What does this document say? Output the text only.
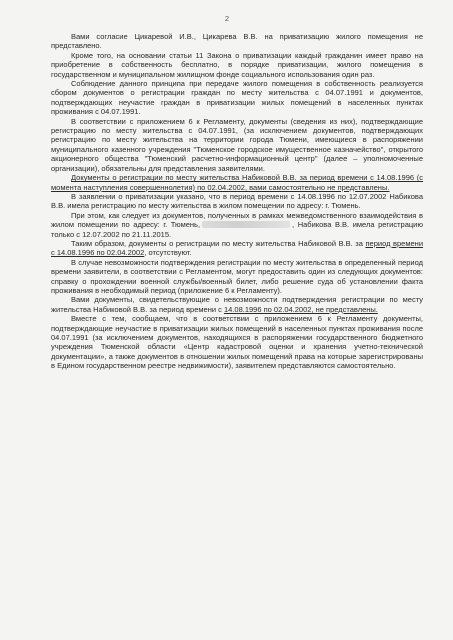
2

Вами согласие Цикаревой И.В., Цикарева В.В. на приватизацию жилого помещения не представлено.

Кроме того, на основании статьи 11 Закона о приватизации каждый гражданин имеет право на приобретение в собственность бесплатно, в порядке приватизации, жилого помещения в государственном и муниципальном жилищном фонде социального использования один раз.

Соблюдение данного принципа при передаче жилого помещения в собственность реализуется сбором документов о регистрации граждан по месту жительства с 04.07.1991 и документов, подтверждающих неучастие граждан в приватизации жилых помещений в населенных пунктах проживания с 04.07.1991.

В соответствии с приложением 6 к Регламенту, документы (сведения из них), подтверждающие регистрацию по месту жительства с 04.07.1991, (за исключением документов, подтверждающих регистрацию по месту жительства на территории города Тюмени, имеющиеся в распоряжении муниципального казенного учреждения "Тюменское городское имущественное казначейство", открытого акционерного общества "Тюменский расчетно-информационный центр" (далее – уполномоченные организации), обязательны для представления заявителями.

Документы о регистрации по месту жительства Набиковой В.В. за период времени с 14.08.1996 (с момента наступления совершеннолетия) по 02.04.2002, вами самостоятельно не представлены.

В заявлении о приватизации указано, что в период времени с 14.08.1996 по 12.07.2002 Набикова В.В. имела регистрацию по месту жительства в жилом помещении по адресу: г. Тюмень.

При этом, как следует из документов, полученных в рамках межведомственного взаимодействия в жилом помещении по адресу: г. Тюмень,	, Набикова В.В. имела регистрацию только с 12.07.2002 по 21.11.2015.

Таким образом, документы о регистрации по месту жительства Набиковой В.В. за период времени с 14.08.1996 по 02.04.2002, отсутствуют.

В случае невозможности подтверждения регистрации по месту жительства в определенный период времени заявители, в соответствии с Регламентом, могут предоставить один из следующих документов: справку о прохождении военной службы/военный билет, либо решение суда об установлении факта проживания в необходимый период (приложение 6 к Регламенту).

Вами документы, свидетельствующие о невозможности подтверждения регистрации по месту жительства Набиковой В.В. за период времени с 14.08.1996 по 02.04.2002, не представлены.

Вместе с тем, сообщаем, что в соответствии с приложением 6 к Регламенту документы, подтверждающие неучастие в приватизации жилых помещений в населенных пунктах проживания после 04.07.1991 (за исключением документов, находящихся в распоряжении государственного бюджетного учреждения Тюменской области «Центр кадастровой оценки и хранения учетно-технической документации», а также документов в отношении жилых помещений права на которые зарегистрированы в Едином государственном реестре недвижимости), заявителем представляются самостоятельно.
